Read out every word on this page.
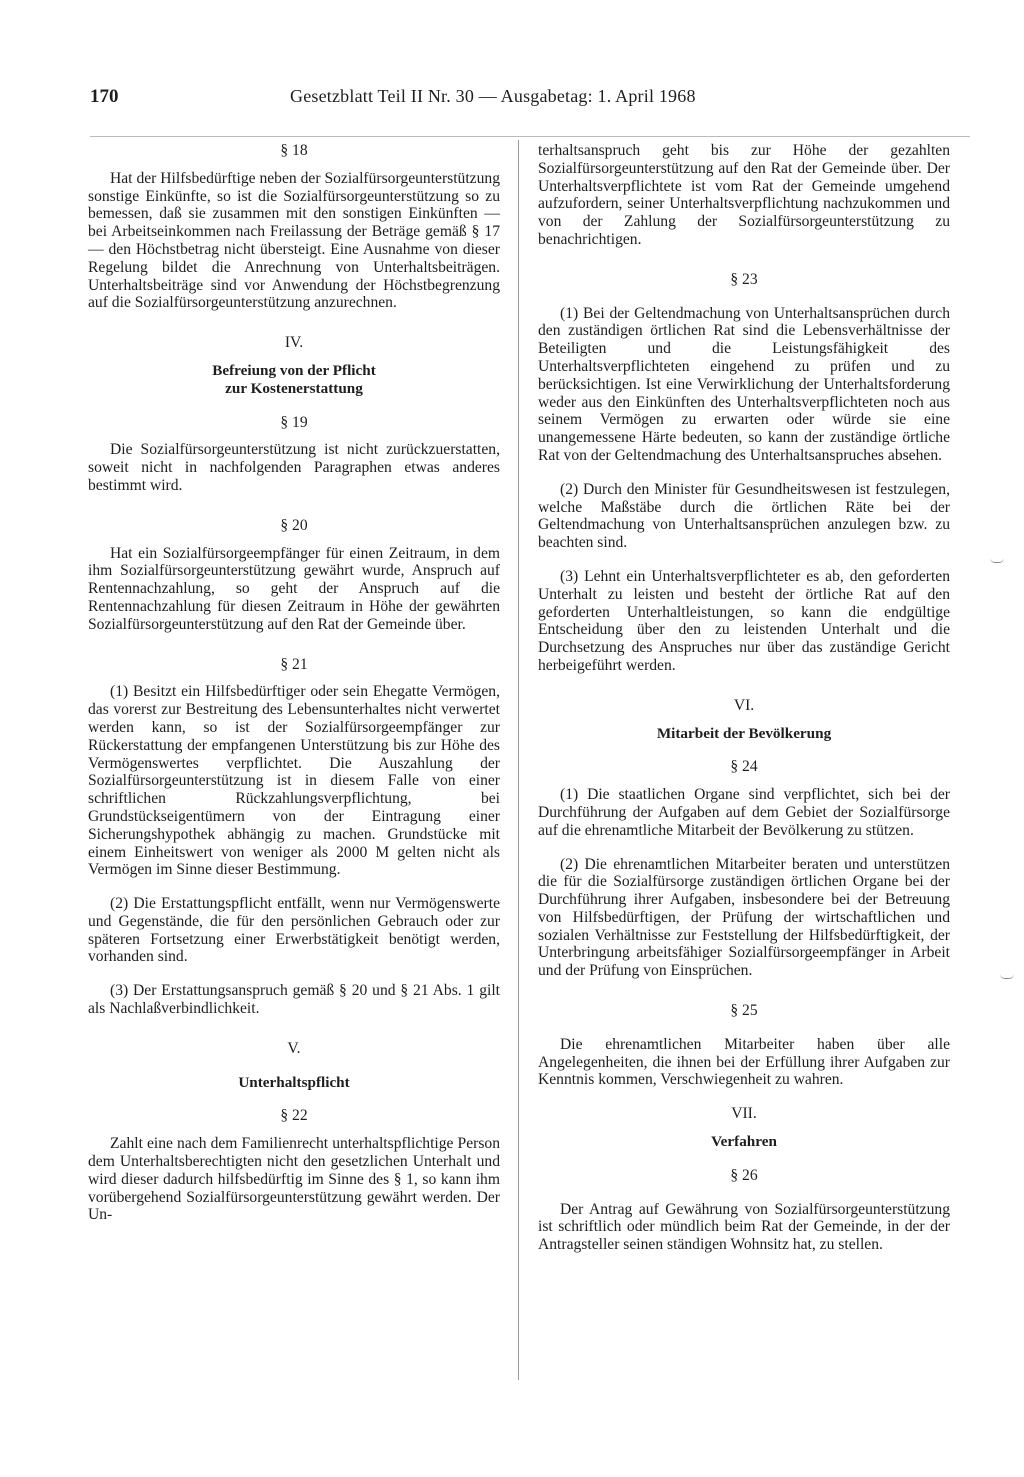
170	Gesetzblatt Teil II Nr. 30 — Ausgabetag: 1. April 1968

§ 18

Hat der Hilfsbedürftige neben der Sozialfürsorgeunterstützung sonstige Einkünfte, so ist die Sozialfürsorgeunterstützung so zu bemessen, daß sie zusammen mit den sonstigen Einkünften — bei Arbeitseinkommen nach Freilassung der Beträge gemäß § 17 — den Höchstbetrag nicht übersteigt. Eine Ausnahme von dieser Regelung bildet die Anrechnung von Unterhaltsbeiträgen. Unterhaltsbeiträge sind vor Anwendung der Höchstbegrenzung auf die Sozialfürsorgeunterstützung anzurechnen.

IV.

Befreiung von der Pflicht

zur Kostenerstattung

§ 19

Die Sozialfürsorgeunterstützung ist nicht zurückzuerstatten, soweit nicht in nachfolgenden Paragraphen etwas anderes bestimmt wird.

§ 20

Hat ein Sozialfürsorgeempfänger für einen Zeitraum, in dem ihm Sozialfürsorgeunterstützung gewährt wurde, Anspruch auf Rentennachzahlung, so geht der Anspruch auf die Rentennachzahlung für diesen Zeitraum in Höhe der gewährten Sozialfürsorgeunterstützung auf den Rat der Gemeinde über.

§ 21

(1) Besitzt ein Hilfsbedürftiger oder sein Ehegatte Vermögen, das vorerst zur Bestreitung des Lebensunterhaltes nicht verwertet werden kann, so ist der Sozialfürsorgeempfänger zur Rückerstattung der empfangenen Unterstützung bis zur Höhe des Vermögenswertes verpflichtet. Die Auszahlung der Sozialfürsorgeunterstützung ist in diesem Falle von einer schriftlichen Rückzahlungsverpflichtung, bei Grundstückseigentümern von der Eintragung einer Sicherungshypothek abhängig zu machen. Grundstücke mit einem Einheitswert von weniger als 2000 M gelten nicht als Vermögen im Sinne dieser Bestimmung.

(2) Die Erstattungspflicht entfällt, wenn nur Vermögenswerte und Gegenstände, die für den persönlichen Gebrauch oder zur späteren Fortsetzung einer Erwerbstätigkeit benötigt werden, vorhanden sind.

(3) Der Erstattungsanspruch gemäß § 20 und § 21 Abs. 1 gilt als Nachlaßverbindlichkeit.

V.

Unterhaltspflicht

§ 22

Zahlt eine nach dem Familienrecht unterhaltspflichtige Person dem Unterhaltsberechtigten nicht den gesetzlichen Unterhalt und wird dieser dadurch hilfsbedürftig im Sinne des § 1, so kann ihm vorübergehend Sozialfürsorgeunterstützung gewährt werden. Der Un-

terhaltsanspruch geht bis zur Höhe der gezahlten Sozialfürsorgeunterstützung auf den Rat der Gemeinde über. Der Unterhaltsverpflichtete ist vom Rat der Gemeinde umgehend aufzufordern, seiner Unterhaltsverpflichtung nachzukommen und von der Zahlung der Sozialfürsorgeunterstützung zu benachrichtigen.

§ 23

(1) Bei der Geltendmachung von Unterhaltsansprüchen durch den zuständigen örtlichen Rat sind die Lebensverhältnisse der Beteiligten und die Leistungsfähigkeit des Unterhaltsverpflichteten eingehend zu prüfen und zu berücksichtigen. Ist eine Verwirklichung der Unterhaltsforderung weder aus den Einkünften des Unterhaltsverpflichteten noch aus seinem Vermögen zu erwarten oder würde sie eine unangemessene Härte bedeuten, so kann der zuständige örtliche Rat von der Geltendmachung des Unterhaltsanspruches absehen.

(2) Durch den Minister für Gesundheitswesen ist festzulegen, welche Maßstäbe durch die örtlichen Räte bei der Geltendmachung von Unterhaltsansprüchen anzulegen bzw. zu beachten sind.

(3) Lehnt ein Unterhaltsverpflichteter es ab, den geforderten Unterhalt zu leisten und besteht der örtliche Rat auf den geforderten Unterhaltleistungen, so kann die endgültige Entscheidung über den zu leistenden Unterhalt und die Durchsetzung des Anspruches nur über das zuständige Gericht herbeigeführt werden.

VI.

Mitarbeit der Bevölkerung

§ 24

(1) Die staatlichen Organe sind verpflichtet, sich bei der Durchführung der Aufgaben auf dem Gebiet der Sozialfürsorge auf die ehrenamtliche Mitarbeit der Bevölkerung zu stützen.

(2) Die ehrenamtlichen Mitarbeiter beraten und unterstützen die für die Sozialfürsorge zuständigen örtlichen Organe bei der Durchführung ihrer Aufgaben, insbesondere bei der Betreuung von Hilfsbedürftigen, der Prüfung der wirtschaftlichen und sozialen Verhältnisse zur Feststellung der Hilfsbedürftigkeit, der Unterbringung arbeitsfähiger Sozialfürsorgeempfänger in Arbeit und der Prüfung von Einsprüchen.

§ 25

Die ehrenamtlichen Mitarbeiter haben über alle Angelegenheiten, die ihnen bei der Erfüllung ihrer Aufgaben zur Kenntnis kommen, Verschwiegenheit zu wahren.

VII.

Verfahren

§ 26

Der Antrag auf Gewährung von Sozialfürsorgeunterstützung ist schriftlich oder mündlich beim Rat der Gemeinde, in der der Antragsteller seinen ständigen Wohnsitz hat, zu stellen.
